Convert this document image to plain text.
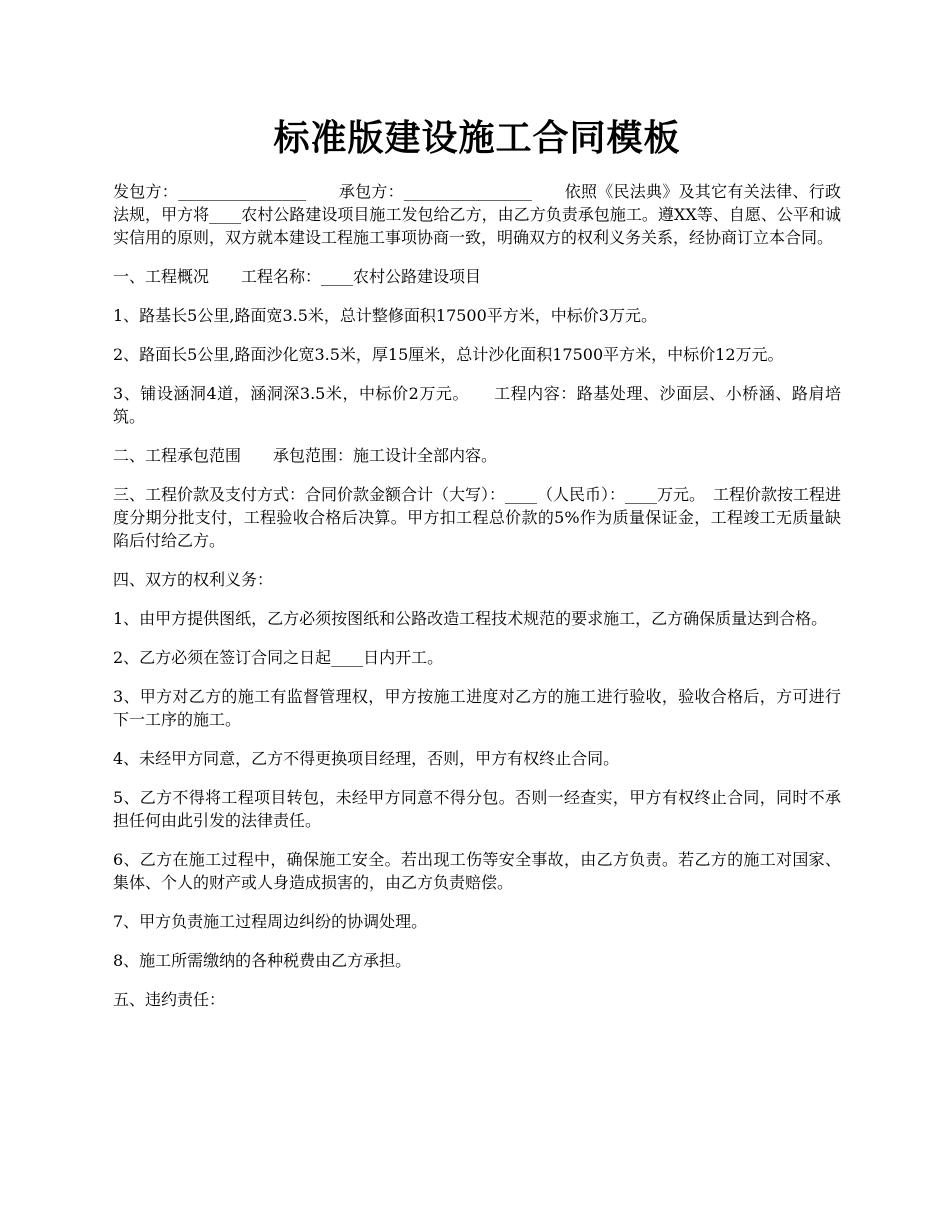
标准版建设施工合同模板

发包方：________________　　承包方：________________　　依照《民法典》及其它有关法律、行政法规，甲方将____农村公路建设项目施工发包给乙方，由乙方负责承包施工。遵XX等、自愿、公平和诚实信用的原则，双方就本建设工程施工事项协商一致，明确双方的权利义务关系，经协商订立本合同。

一、工程概况　　工程名称：____农村公路建设项目

1、路基长5公里,路面宽3.5米，总计整修面积17500平方米，中标价3万元。

2、路面长5公里,路面沙化宽3.5米，厚15厘米，总计沙化面积17500平方米，中标价12万元。

3、铺设涵洞4道，涵洞深3.5米，中标价2万元。　　工程内容：路基处理、沙面层、小桥涵、路肩培筑。

二、工程承包范围　　承包范围：施工设计全部内容。

三、工程价款及支付方式：合同价款金额合计（大写）：____（人民币）：____万元。　工程价款按工程进度分期分批支付，工程验收合格后决算。甲方扣工程总价款的5%作为质量保证金，工程竣工无质量缺陷后付给乙方。

四、双方的权利义务：

1、由甲方提供图纸，乙方必须按图纸和公路改造工程技术规范的要求施工，乙方确保质量达到合格。

2、乙方必须在签订合同之日起____日内开工。

3、甲方对乙方的施工有监督管理权，甲方按施工进度对乙方的施工进行验收，验收合格后，方可进行下一工序的施工。

4、未经甲方同意，乙方不得更换项目经理，否则，甲方有权终止合同。

5、乙方不得将工程项目转包，未经甲方同意不得分包。否则一经查实，甲方有权终止合同，同时不承担任何由此引发的法律责任。

6、乙方在施工过程中，确保施工安全。若出现工伤等安全事故，由乙方负责。若乙方的施工对国家、集体、个人的财产或人身造成损害的，由乙方负责赔偿。

7、甲方负责施工过程周边纠纷的协调处理。

8、施工所需缴纳的各种税费由乙方承担。

五、违约责任：
